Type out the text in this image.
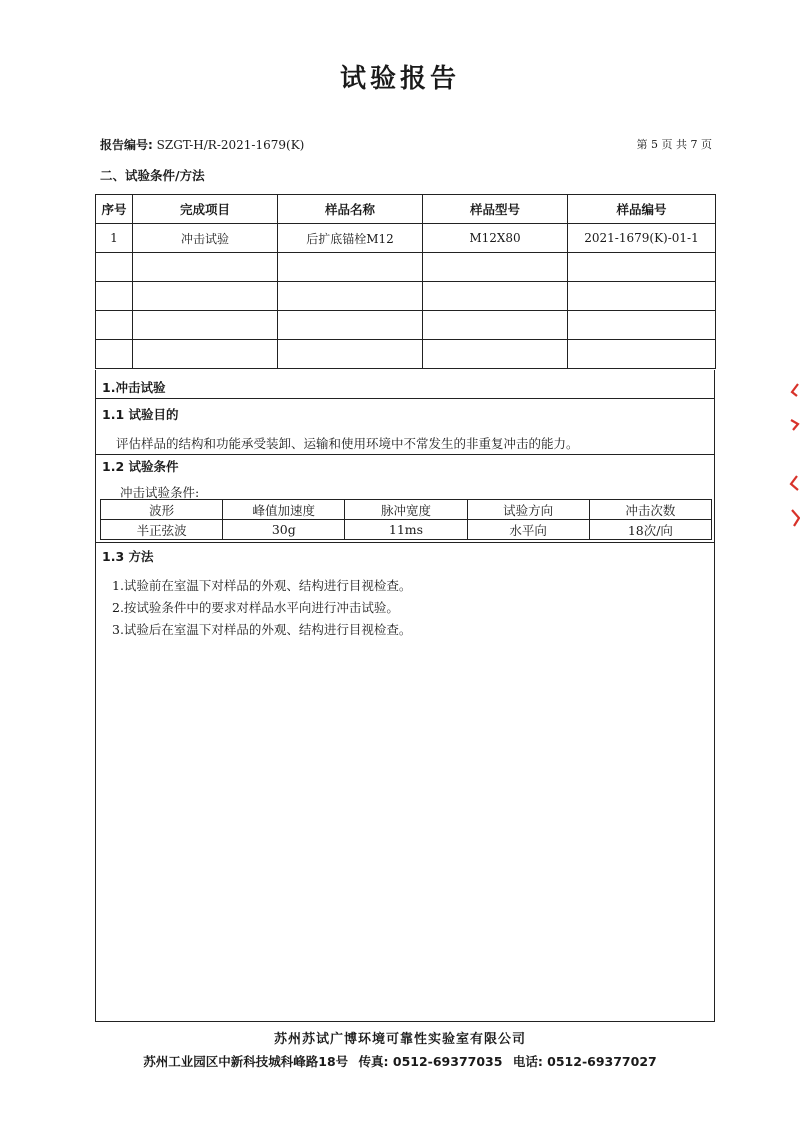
试验报告
报告编号: SZGT-H/R-2021-1679(K)	第 5 页 共 7 页
二、试验条件/方法
序号	完成项目	样品名称	样品型号	样品编号
1	冲击试验	后扩底锚栓M12	M12X80	2021-1679(K)-01-1

1.冲击试验
1.1 试验目的
评估样品的结构和功能承受装卸、运输和使用环境中不常发生的非重复冲击的能力。
1.2 试验条件
冲击试验条件:
波形	峰值加速度	脉冲宽度	试验方向	冲击次数
半正弦波	30g	11ms	水平向	18次/向
1.3 方法
1.试验前在室温下对样品的外观、结构进行目视检查。
2.按试验条件中的要求对样品水平向进行冲击试验。
3.试验后在室温下对样品的外观、结构进行目视检查。
苏州苏试广博环境可靠性实验室有限公司
苏州工业园区中新科技城科峰路18号 传真: 0512-69377035 电话: 0512-69377027
